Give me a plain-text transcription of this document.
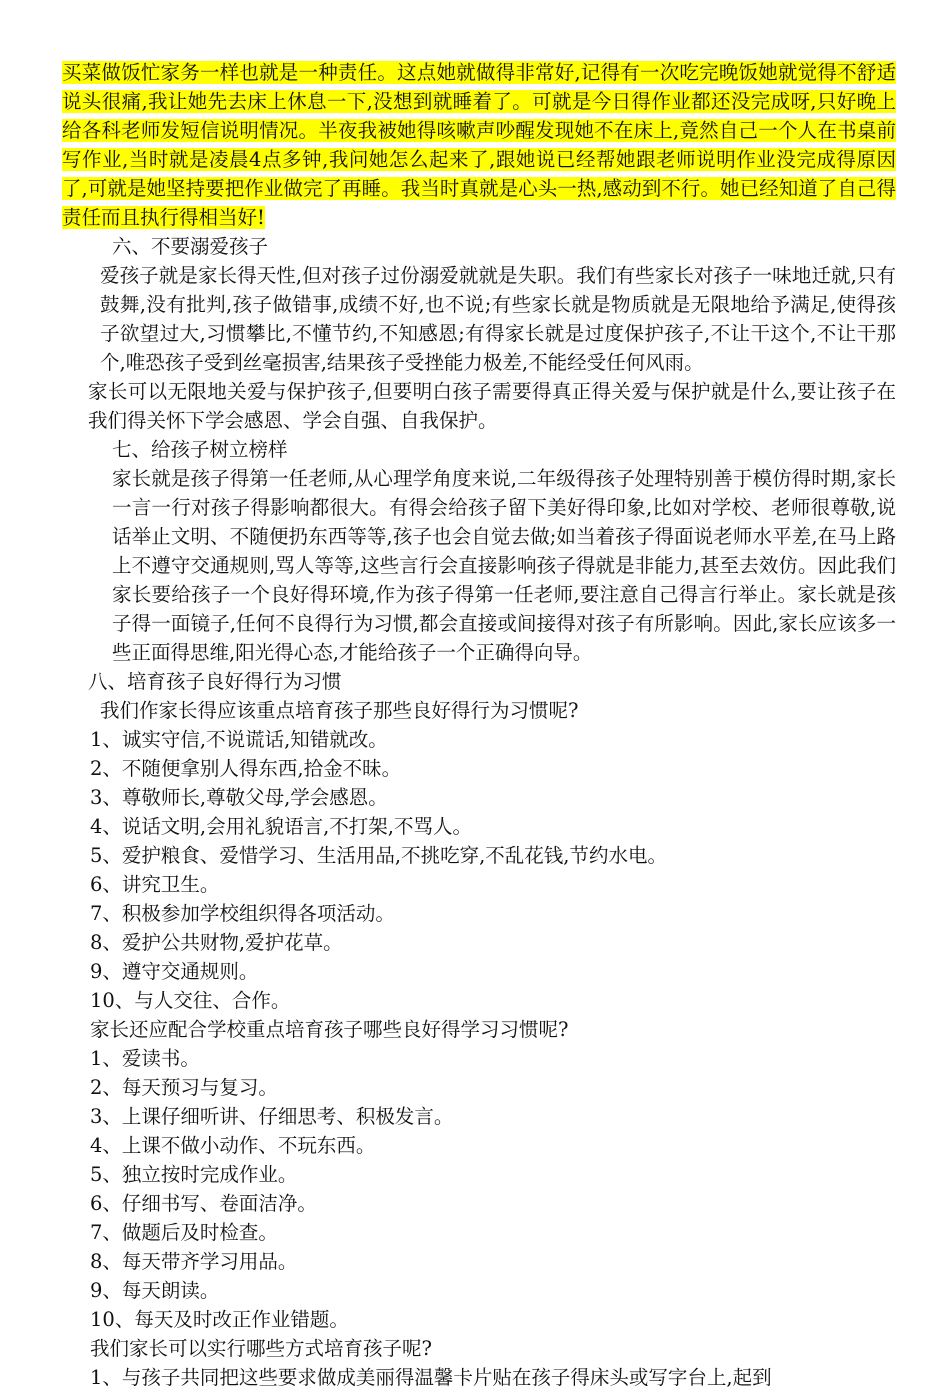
买菜做饭忙家务一样也就是一种责任。这点她就做得非常好,记得有一次吃完晚饭她就觉得不舒适说头很痛,我让她先去床上休息一下,没想到就睡着了。可就是今日得作业都还没完成呀,只好晚上给各科老师发短信说明情况。半夜我被她得咳嗽声吵醒发现她不在床上,竟然自己一个人在书桌前写作业,当时就是凌晨4点多钟,我问她怎么起来了,跟她说已经帮她跟老师说明作业没完成得原因了,可就是她坚持要把作业做完了再睡。我当时真就是心头一热,感动到不行。她已经知道了自己得责任而且执行得相当好!

六、不要溺爱孩子

爱孩子就是家长得天性,但对孩子过份溺爱就就是失职。我们有些家长对孩子一味地迁就,只有鼓舞,没有批判,孩子做错事,成绩不好,也不说;有些家长就是物质就是无限地给予满足,使得孩子欲望过大,习惯攀比,不懂节约,不知感恩;有得家长就是过度保护孩子,不让干这个,不让干那个,唯恐孩子受到丝毫损害,结果孩子受挫能力极差,不能经受任何风雨。

家长可以无限地关爱与保护孩子,但要明白孩子需要得真正得关爱与保护就是什么,要让孩子在我们得关怀下学会感恩、学会自强、自我保护。

七、给孩子树立榜样

家长就是孩子得第一任老师,从心理学角度来说,二年级得孩子处理特别善于模仿得时期,家长一言一行对孩子得影响都很大。有得会给孩子留下美好得印象,比如对学校、老师很尊敬,说话举止文明、不随便扔东西等等,孩子也会自觉去做;如当着孩子得面说老师水平差,在马上路上不遵守交通规则,骂人等等,这些言行会直接影响孩子得就是非能力,甚至去效仿。因此我们家长要给孩子一个良好得环境,作为孩子得第一任老师,要注意自己得言行举止。家长就是孩子得一面镜子,任何不良得行为习惯,都会直接或间接得对孩子有所影响。因此,家长应该多一些正面得思维,阳光得心态,才能给孩子一个正确得向导。

八、培育孩子良好得行为习惯

我们作家长得应该重点培育孩子那些良好得行为习惯呢?

1、诚实守信,不说谎话,知错就改。
2、不随便拿别人得东西,拾金不昧。
3、尊敬师长,尊敬父母,学会感恩。
4、说话文明,会用礼貌语言,不打架,不骂人。
5、爱护粮食、爱惜学习、生活用品,不挑吃穿,不乱花钱,节约水电。
6、讲究卫生。
7、积极参加学校组织得各项活动。
8、爱护公共财物,爱护花草。
9、遵守交通规则。
10、与人交往、合作。

家长还应配合学校重点培育孩子哪些良好得学习习惯呢?

1、爱读书。
2、每天预习与复习。
3、上课仔细听讲、仔细思考、积极发言。
4、上课不做小动作、不玩东西。
5、独立按时完成作业。
6、仔细书写、卷面洁净。
7、做题后及时检查。
8、每天带齐学习用品。
9、每天朗读。
10、每天及时改正作业错题。

我们家长可以实行哪些方式培育孩子呢?

1、与孩子共同把这些要求做成美丽得温馨卡片贴在孩子得床头或写字台上,起到
